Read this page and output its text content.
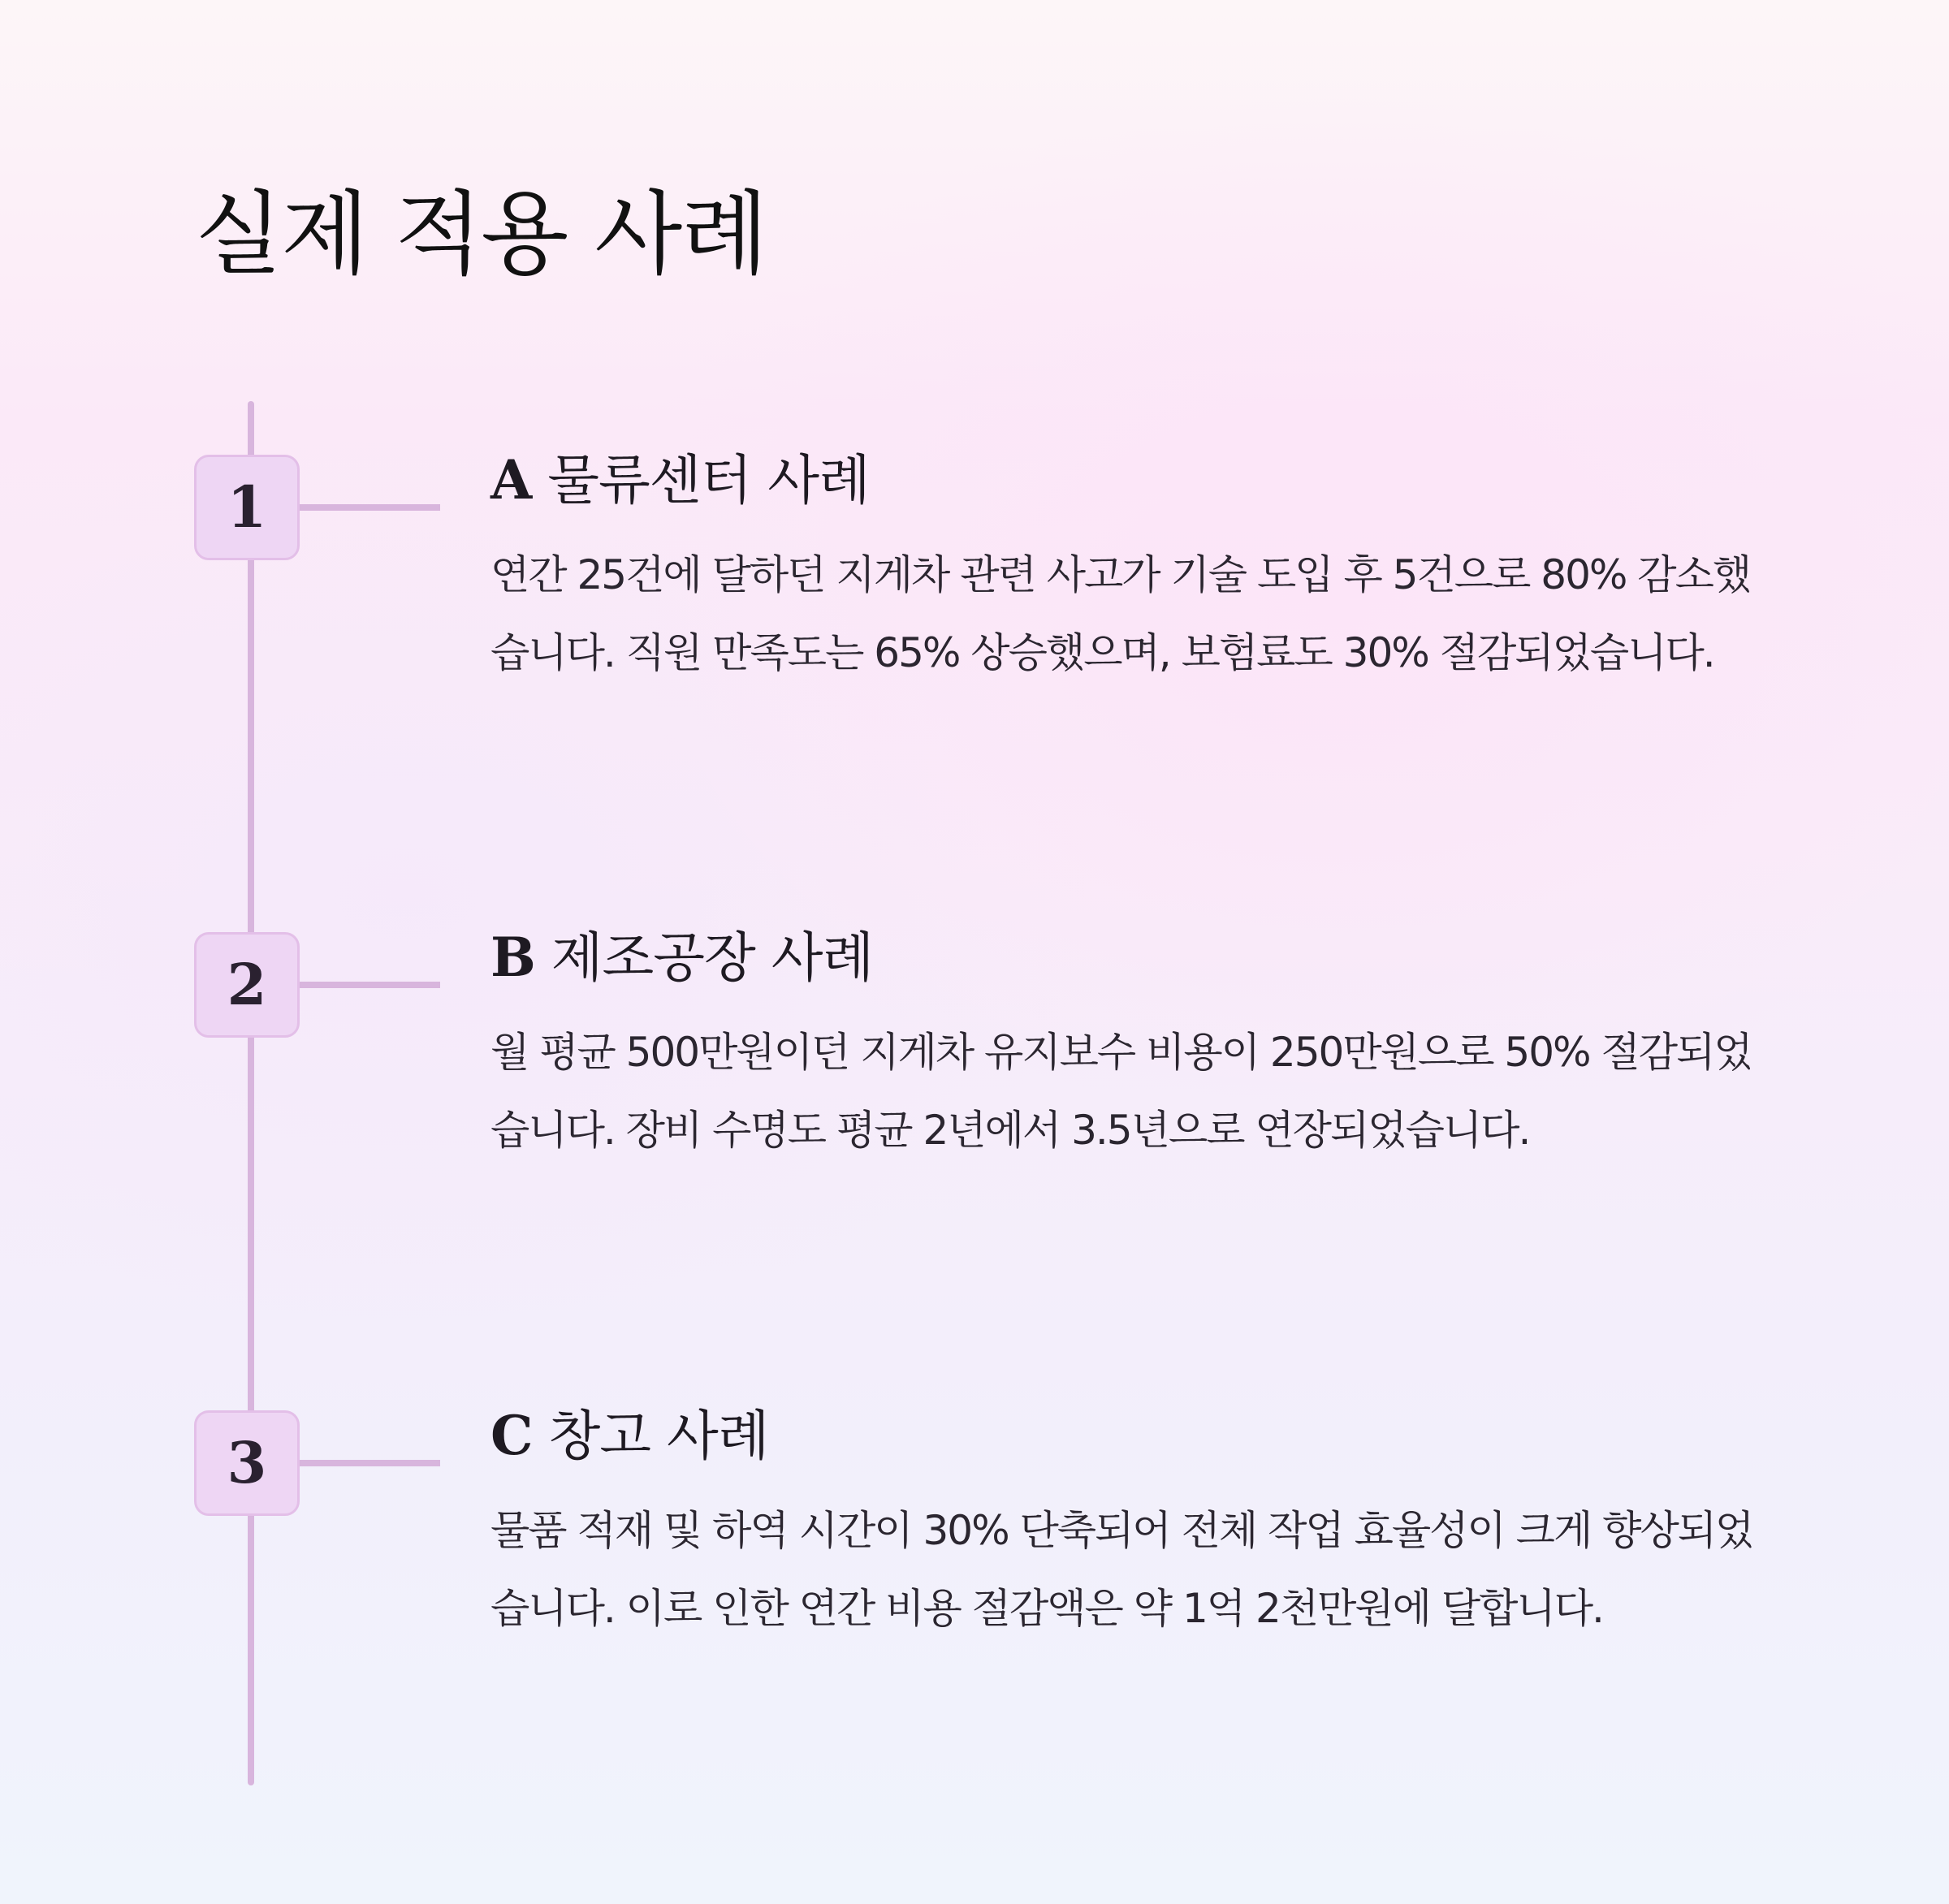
실제 적용 사례
1	A 물류센터 사례

연간 25건에 달하던 지게차 관련 사고가 기술 도입 후 5건으로 80% 감소했습니다. 직원 만족도는 65% 상승했으며, 보험료도 30% 절감되었습니다.

2	B 제조공장 사례

월 평균 500만원이던 지게차 유지보수 비용이 250만원으로 50% 절감되었습니다. 장비 수명도 평균 2년에서 3.5년으로 연장되었습니다.

3	C 창고 사례

물품 적재 및 하역 시간이 30% 단축되어 전체 작업 효율성이 크게 향상되었습니다. 이로 인한 연간 비용 절감액은 약 1억 2천만원에 달합니다.
